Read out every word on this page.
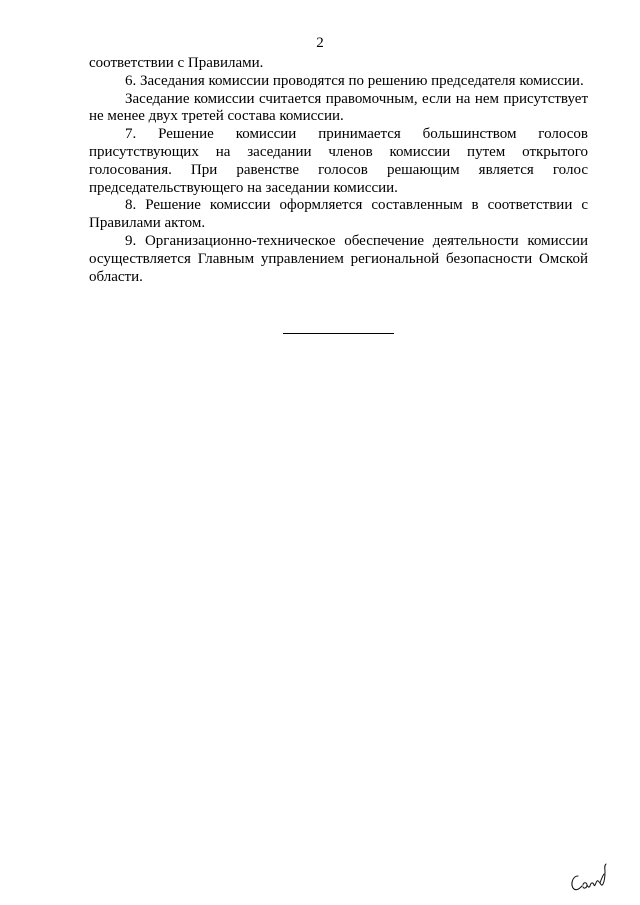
2

соответствии с Правилами.

6. Заседания комиссии проводятся по решению председателя комиссии.

Заседание комиссии считается правомочным, если на нем присутствует не менее двух третей состава комиссии.

7. Решение комиссии принимается большинством голосов присутствующих на заседании членов комиссии путем открытого голосования. При равенстве голосов решающим является голос председательствующего на заседании комиссии.

8. Решение комиссии оформляется составленным в соответствии с Правилами актом.

9. Организационно-техническое обеспечение деятельности комиссии осуществляется Главным управлением региональной безопасности Омской области.
